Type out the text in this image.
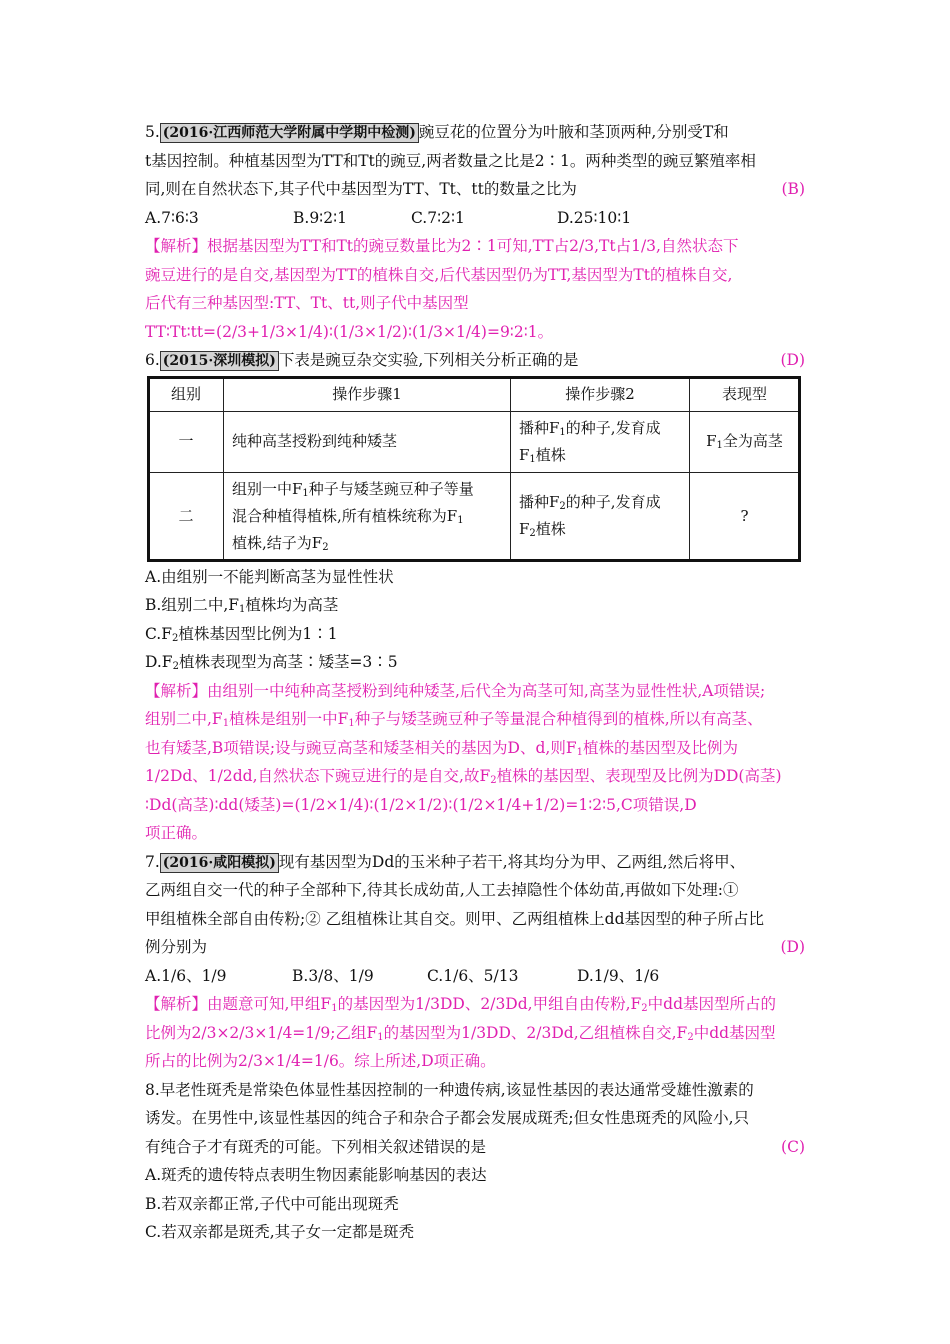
5. (2016·江西师范大学附属中学期中检测) 豌豆花的位置分为叶腋和茎顶两种,分别受T和
t基因控制。种植基因型为TT和Tt的豌豆,两者数量之比是2∶1。两种类型的豌豆繁殖率相
同,则在自然状态下,其子代中基因型为TT、Tt、tt的数量之比为	(B)
A.7∶6∶3	B.9∶2∶1	C.7∶2∶1	D.25∶10∶1
【解析】根据基因型为TT和Tt的豌豆数量比为2∶1可知,TT占2/3,Tt占1/3,自然状态下
豌豆进行的是自交,基因型为TT的植株自交,后代基因型仍为TT,基因型为Tt的植株自交,
后代有三种基因型:TT、Tt、tt,则子代中基因型
TT∶Tt∶tt=(2/3+1/3×1/4)∶(1/3×1/2)∶(1/3×1/4)=9∶2∶1。
6. (2015·深圳模拟) 下表是豌豆杂交实验,下列相关分析正确的是	(D)
组别	操作步骤1	操作步骤2	表现型
一	纯种高茎授粉到纯种矮茎	播种$F_1$的种子,发育成
$F_1$植株	$F_1$全为高茎
二	组别一中$F_1$种子与矮茎豌豆种子等量
混合种植得植株,所有植株统称为$F_1$
植株,结子为$F_2$	播种$F_2$的种子,发育成
$F_2$植株	?
A.由组别一不能判断高茎为显性性状
B.组别二中$,F_1$植株均为高茎
$C.F_2$植株基因型比例为1∶1
$D.F_2$植株表现型为高茎∶矮茎=3∶5
【解析】由组别一中纯种高茎授粉到纯种矮茎,后代全为高茎可知,高茎为显性性状,A项错误;
组别二中$,F_1$植株是组别一中$F_1$种子与矮茎豌豆种子等量混合种植得到的植株,所以有高茎、
也有矮茎,B项错误;设与豌豆高茎和矮茎相关的基因为D、d,则$F_1$植株的基因型及比例为
1/2Dd、1/2dd,自然状态下豌豆进行的是自交,故$F_2$植株的基因型、表现型及比例为DD(高茎)
∶Dd(高茎)∶dd(矮茎)=(1/2×1/4)∶(1/2×1/2)∶(1/2×1/4+1/2)=1∶2∶5,C项错误,D
项正确。
7. (2016·咸阳模拟) 现有基因型为Dd的玉米种子若干,将其均分为甲、乙两组,然后将甲、
乙两组自交一代的种子全部种下,待其长成幼苗,人工去掉隐性个体幼苗,再做如下处理:①
甲组植株全部自由传粉;② 乙组植株让其自交。则甲、乙两组植株上dd基因型的种子所占比
例分别为	(D)
A.1/6、1/9	B.3/8、1/9	C.1/6、5/13	D.1/9、1/6
【解析】由题意可知,甲组$F_1$的基因型为1/3DD、2/3Dd,甲组自由传粉$,F_2$中dd基因型所占的
比例为2/3×2/3×1/4=1/9;乙组$F_1$的基因型为1/3DD、2/3Dd,乙组植株自交$,F_2$中dd基因型
所占的比例为2/3×1/4=1/6。综上所述,D项正确。
8.早老性斑秃是常染色体显性基因控制的一种遗传病,该显性基因的表达通常受雄性激素的
诱发。在男性中,该显性基因的纯合子和杂合子都会发展成斑秃;但女性患斑秃的风险小,只
有纯合子才有斑秃的可能。下列相关叙述错误的是	(C)
A.斑秃的遗传特点表明生物因素能影响基因的表达
B.若双亲都正常,子代中可能出现斑秃
C.若双亲都是斑秃,其子女一定都是斑秃
